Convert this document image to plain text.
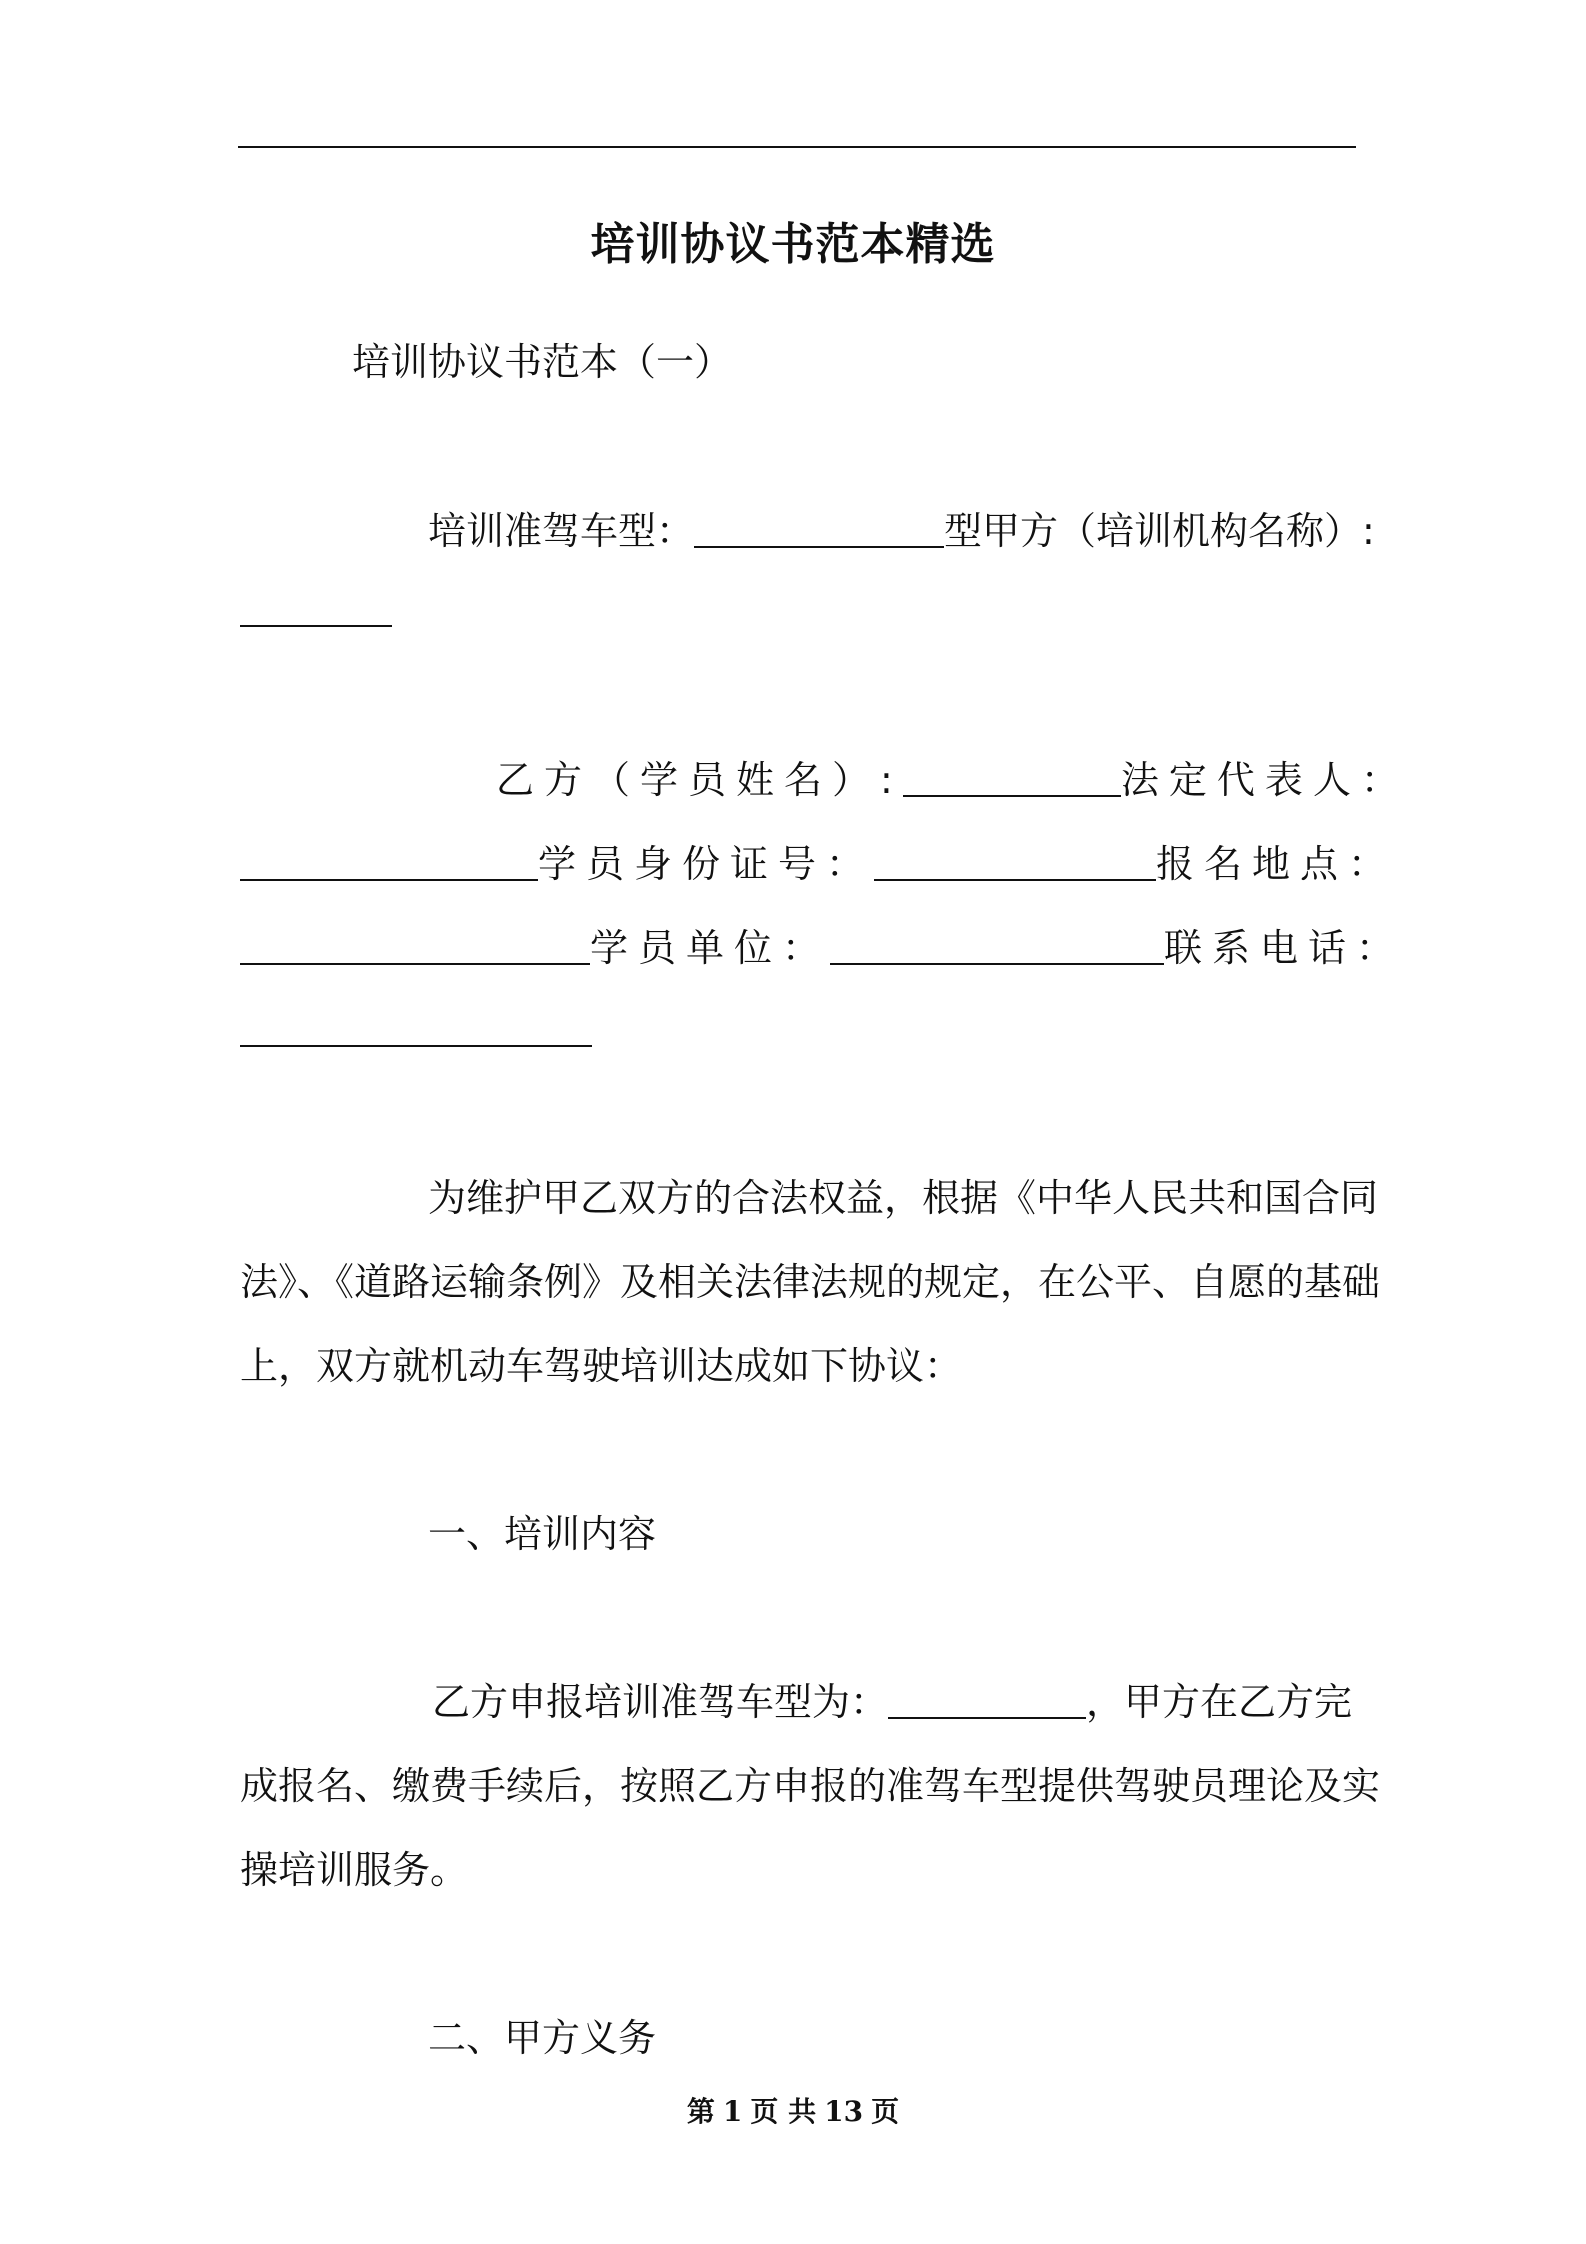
培训协议书范本精选
培训协议书范本（一）
培训准驾车型：	型甲方（培训机构名称）:
乙方（学员姓名）:	法定代表人：
学员身份证号：	报名地点：
学员单位：	联系电话：
为维护甲乙双方的合法权益，根据《中华人民共和国合同
法》、《道路运输条例》及相关法律法规的规定，在公平、自愿的基础
上，双方就机动车驾驶培训达成如下协议：
一、培训内容
乙方申报培训准驾车型为：	，甲方在乙方完
成报名、缴费手续后，按照乙方申报的准驾车型提供驾驶员理论及实
操培训服务。
二、甲方义务
第 1 页 共 13 页
